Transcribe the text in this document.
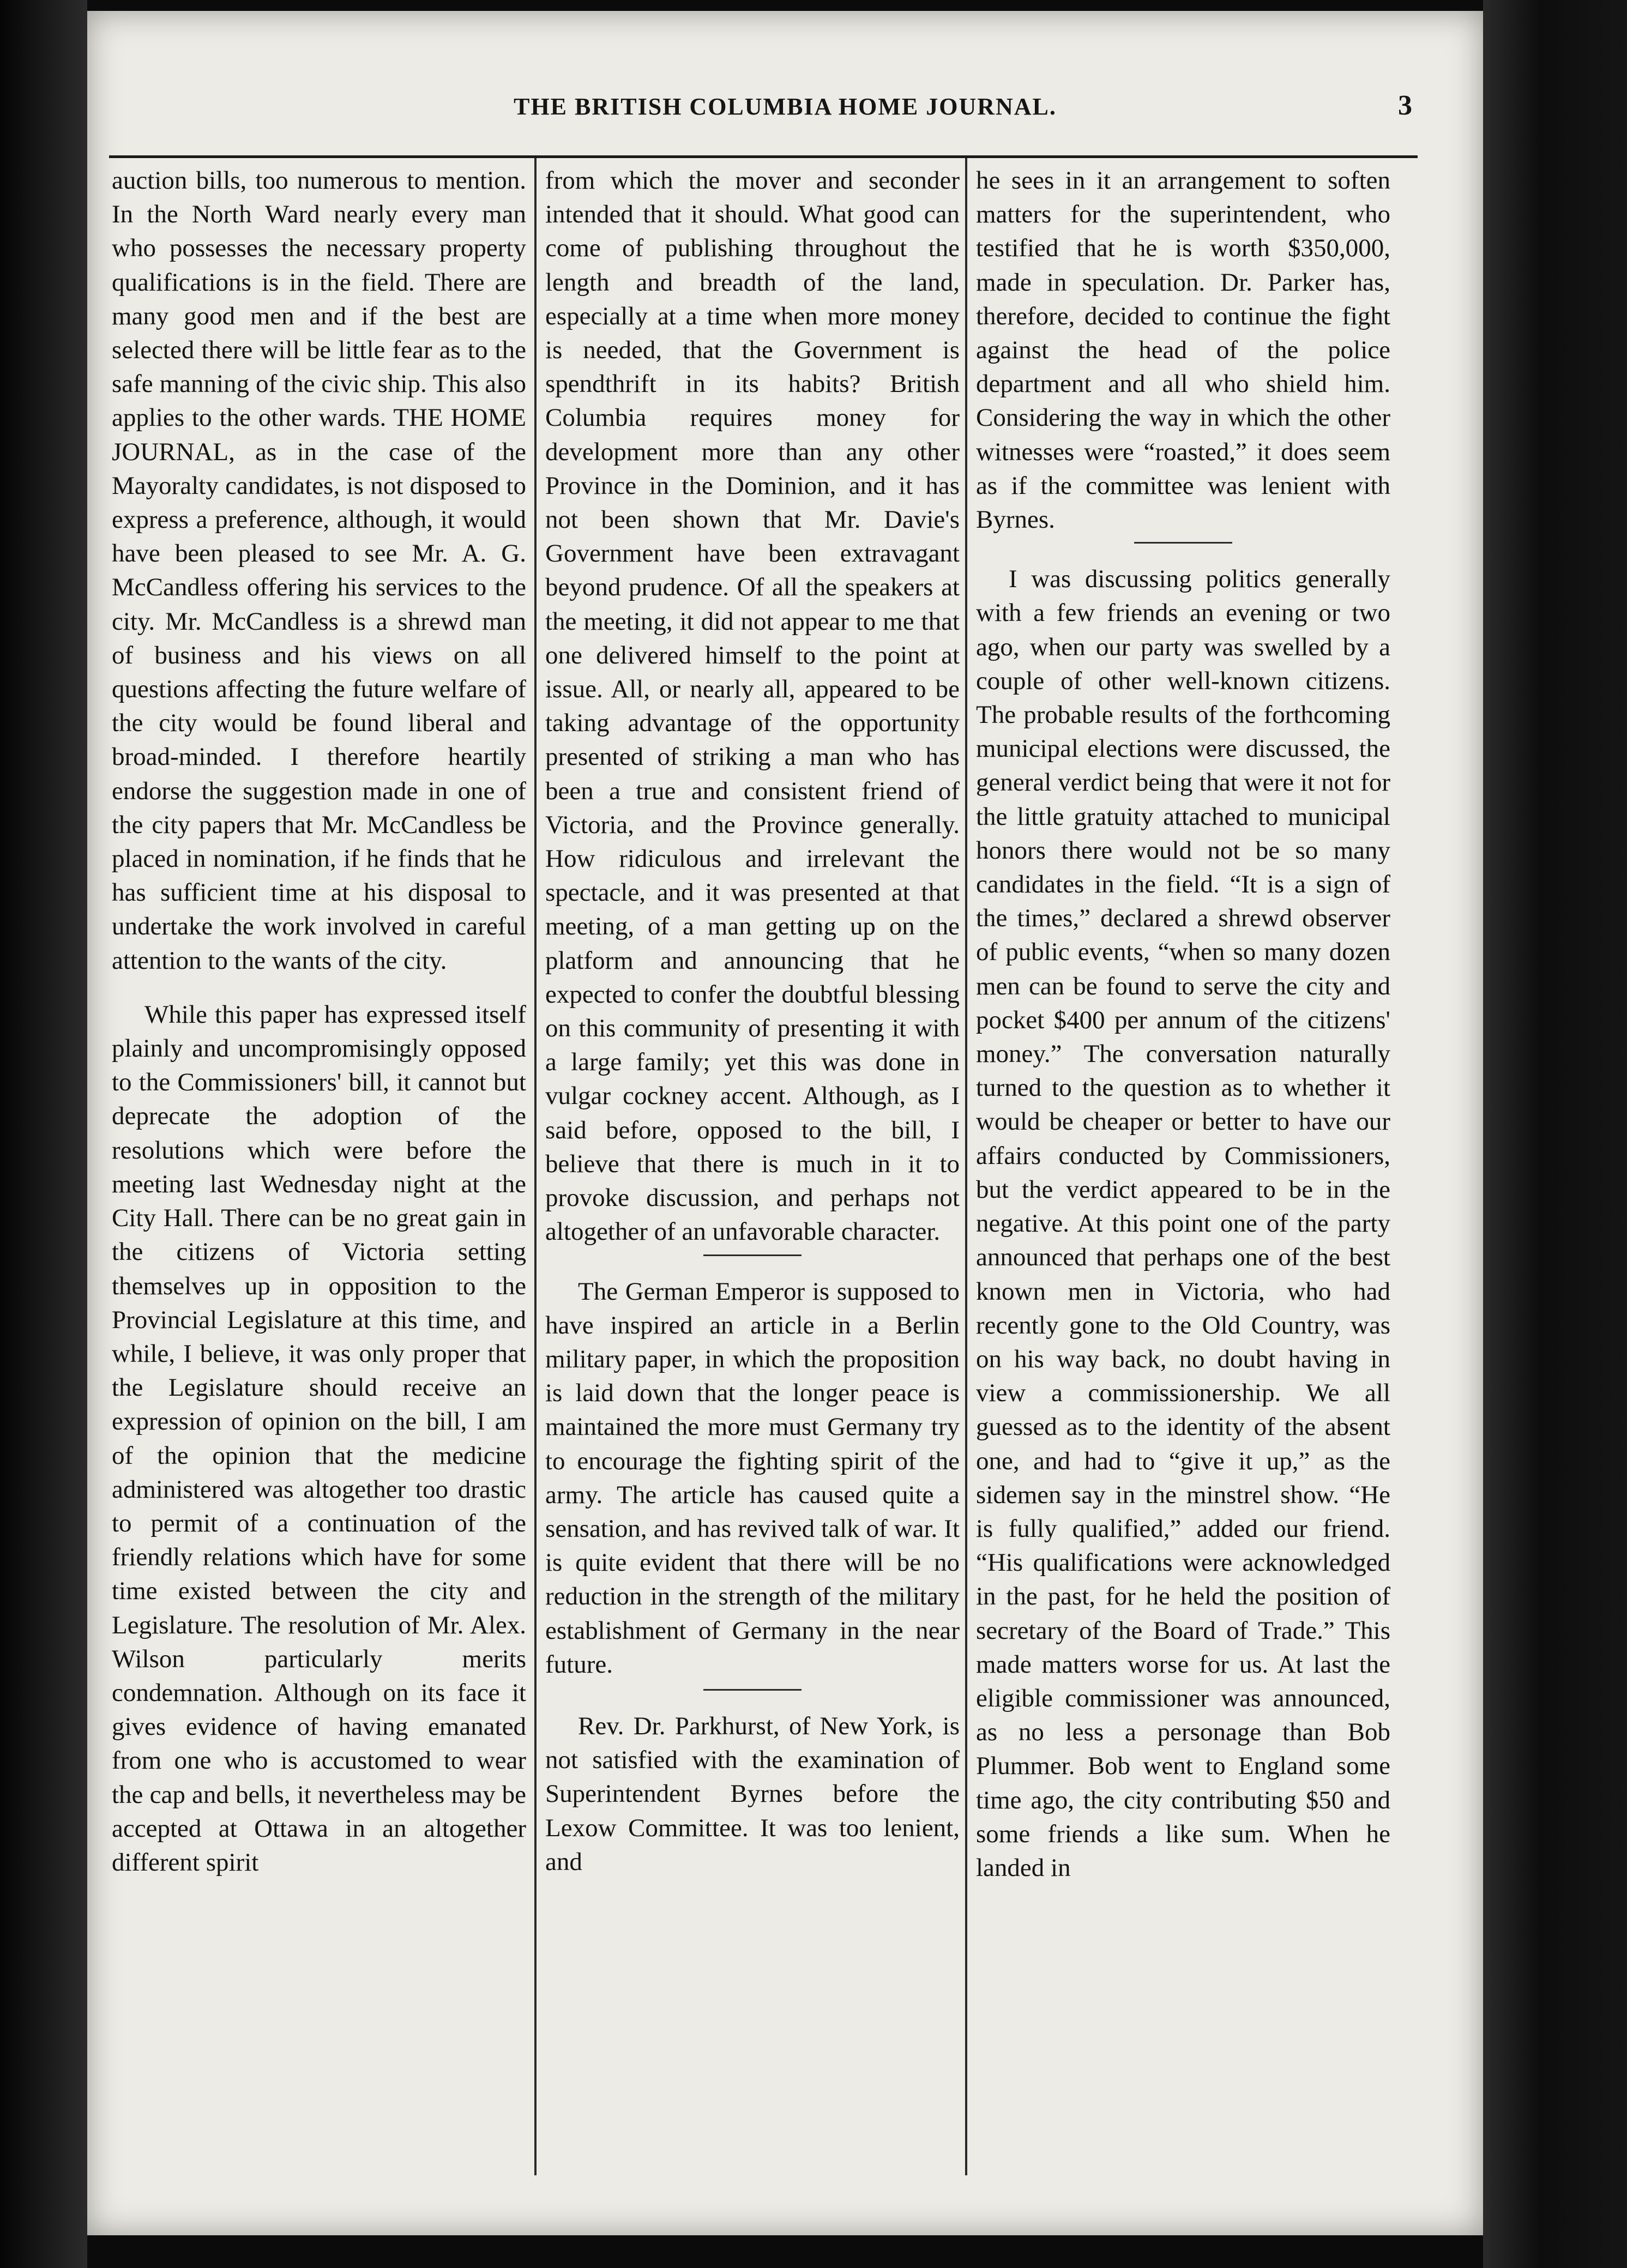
THE BRITISH COLUMBIA HOME JOURNAL.	3

auction bills, too numerous to mention. In the North Ward nearly every man who possesses the necessary property qualifications is in the field. There are many good men and if the best are selected there will be little fear as to the safe manning of the civic ship. This also applies to the other wards. THE HOME JOURNAL, as in the case of the Mayoralty candidates, is not disposed to express a preference, although, it would have been pleased to see Mr. A. G. McCandless offering his services to the city. Mr. McCandless is a shrewd man of business and his views on all questions affecting the future welfare of the city would be found liberal and broad-minded. I therefore heartily endorse the suggestion made in one of the city papers that Mr. McCandless be placed in nomination, if he finds that he has sufficient time at his disposal to undertake the work involved in careful attention to the wants of the city.

While this paper has expressed itself plainly and uncompromisingly opposed to the Commissioners' bill, it cannot but deprecate the adoption of the resolutions which were before the meeting last Wednesday night at the City Hall. There can be no great gain in the citizens of Victoria setting themselves up in opposition to the Provincial Legislature at this time, and while, I believe, it was only proper that the Legislature should receive an expression of opinion on the bill, I am of the opinion that the medicine administered was altogether too drastic to permit of a continuation of the friendly relations which have for some time existed between the city and Legislature. The resolution of Mr. Alex. Wilson particularly merits condemnation. Although on its face it gives evidence of having emanated from one who is accustomed to wear the cap and bells, it nevertheless may be accepted at Ottawa in an altogether different spirit

from which the mover and seconder intended that it should. What good can come of publishing throughout the length and breadth of the land, especially at a time when more money is needed, that the Government is spendthrift in its habits? British Columbia requires money for development more than any other Province in the Dominion, and it has not been shown that Mr. Davie's Government have been extravagant beyond prudence. Of all the speakers at the meeting, it did not appear to me that one delivered himself to the point at issue. All, or nearly all, appeared to be taking advantage of the opportunity presented of striking a man who has been a true and consistent friend of Victoria, and the Province generally. How ridiculous and irrelevant the spectacle, and it was presented at that meeting, of a man getting up on the platform and announcing that he expected to confer the doubtful blessing on this community of presenting it with a large family; yet this was done in vulgar cockney accent. Although, as I said before, opposed to the bill, I believe that there is much in it to provoke discussion, and perhaps not altogether of an unfavorable character.

The German Emperor is supposed to have inspired an article in a Berlin military paper, in which the proposition is laid down that the longer peace is maintained the more must Germany try to encourage the fighting spirit of the army. The article has caused quite a sensation, and has revived talk of war. It is quite evident that there will be no reduction in the strength of the military establishment of Germany in the near future.

Rev. Dr. Parkhurst, of New York, is not satisfied with the examination of Superintendent Byrnes before the Lexow Committee. It was too lenient, and

he sees in it an arrangement to soften matters for the superintendent, who testified that he is worth $350,000, made in speculation. Dr. Parker has, therefore, decided to continue the fight against the head of the police department and all who shield him. Considering the way in which the other witnesses were “roasted,” it does seem as if the committee was lenient with Byrnes.

I was discussing politics generally with a few friends an evening or two ago, when our party was swelled by a couple of other well-known citizens. The probable results of the forthcoming municipal elections were discussed, the general verdict being that were it not for the little gratuity attached to municipal honors there would not be so many candidates in the field. “It is a sign of the times,” declared a shrewd observer of public events, “when so many dozen men can be found to serve the city and pocket $400 per annum of the citizens' money.” The conversation naturally turned to the question as to whether it would be cheaper or better to have our affairs conducted by Commissioners, but the verdict appeared to be in the negative. At this point one of the party announced that perhaps one of the best known men in Victoria, who had recently gone to the Old Country, was on his way back, no doubt having in view a commissionership. We all guessed as to the identity of the absent one, and had to “give it up,” as the sidemen say in the minstrel show. “He is fully qualified,” added our friend. “His qualifications were acknowledged in the past, for he held the position of secretary of the Board of Trade.” This made matters worse for us. At last the eligible commissioner was announced, as no less a personage than Bob Plummer. Bob went to England some time ago, the city contributing $50 and some friends a like sum. When he landed in
